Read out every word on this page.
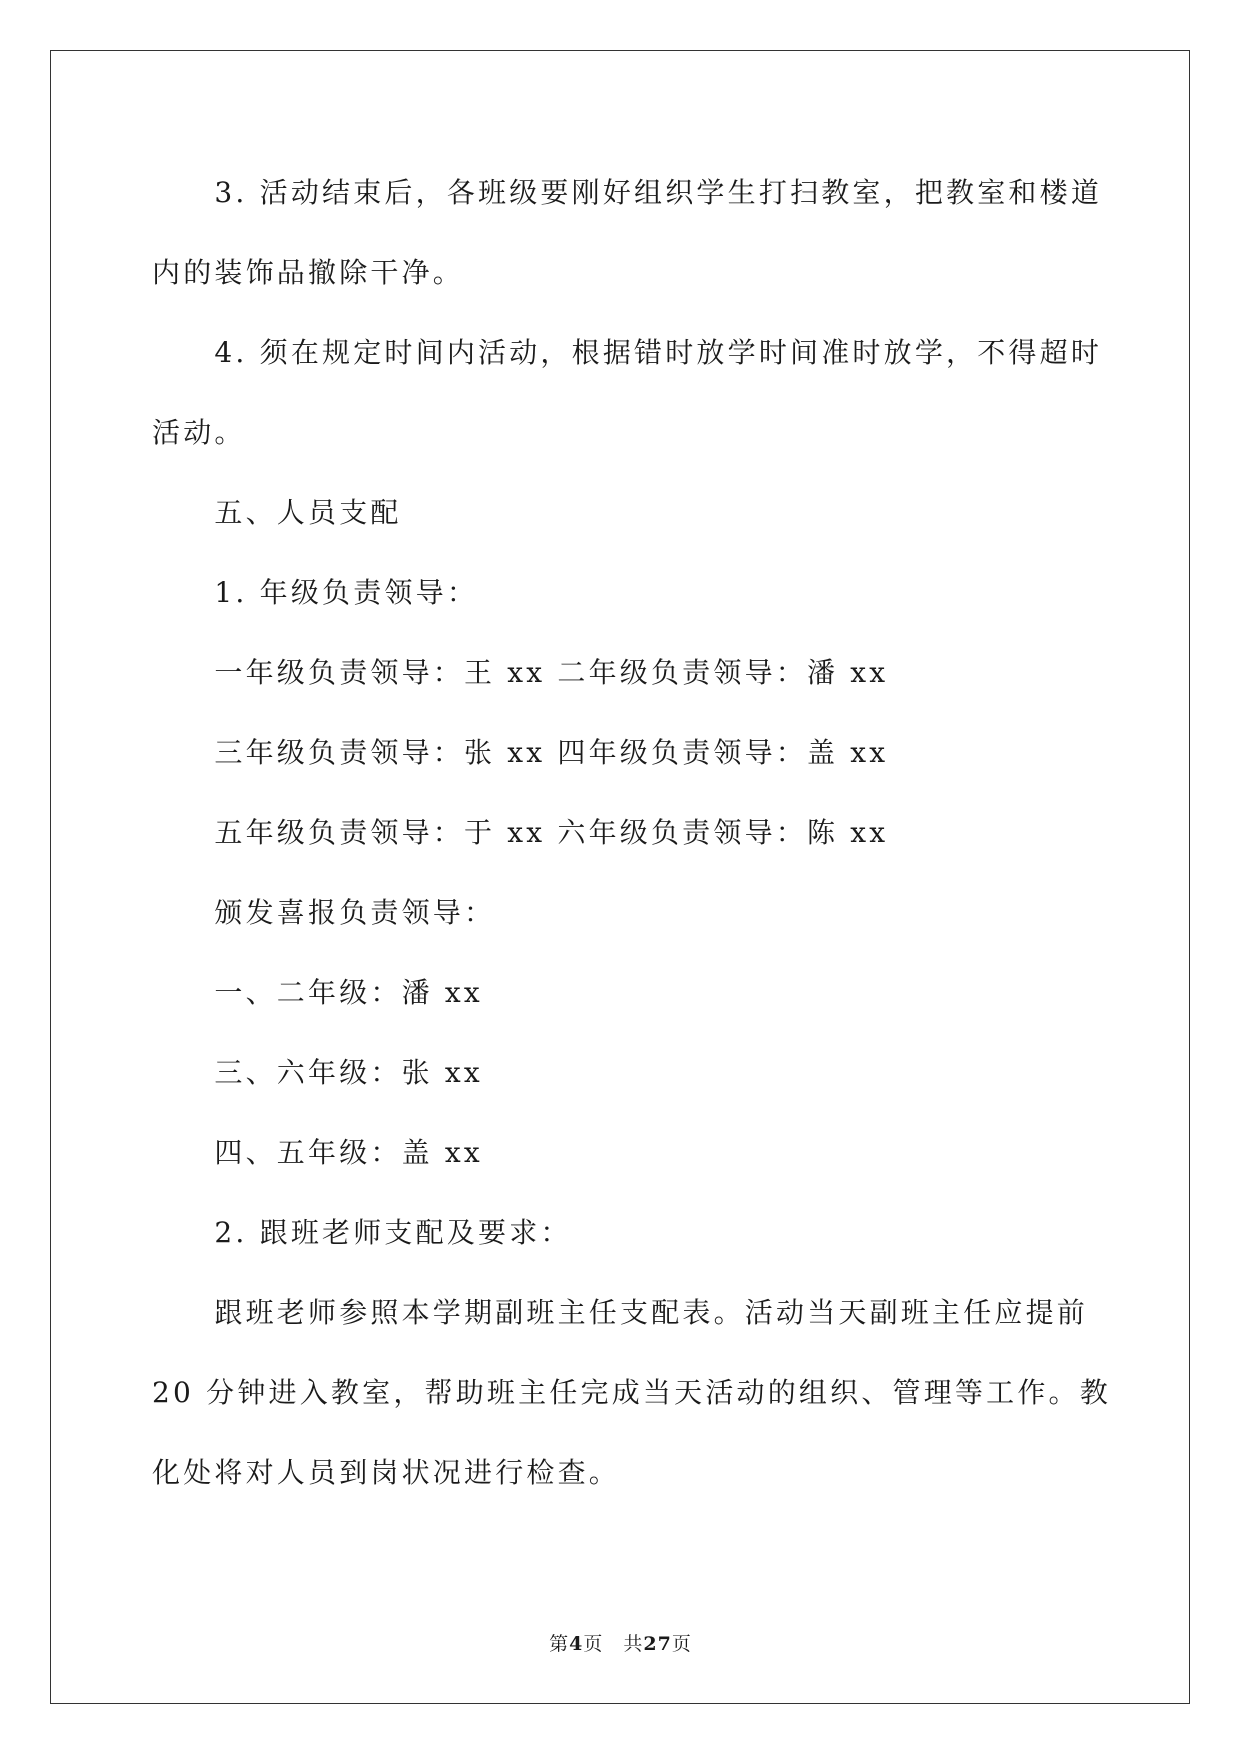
　　3. 活动结束后，各班级要刚好组织学生打扫教室，把教室和楼道
内的装饰品撤除干净。
　　4. 须在规定时间内活动，根据错时放学时间准时放学，不得超时
活动。
　　五、人员支配
　　1. 年级负责领导：
　　一年级负责领导：王 xx 二年级负责领导：潘 xx
　　三年级负责领导：张 xx 四年级负责领导：盖 xx
　　五年级负责领导：于 xx 六年级负责领导：陈 xx
　　颁发喜报负责领导：
　　一、二年级：潘 xx
　　三、六年级：张 xx
　　四、五年级：盖 xx
　　2. 跟班老师支配及要求：
　　跟班老师参照本学期副班主任支配表。活动当天副班主任应提前
20 分钟进入教室，帮助班主任完成当天活动的组织、管理等工作。教
化处将对人员到岗状况进行检查。
第4页　共27页
